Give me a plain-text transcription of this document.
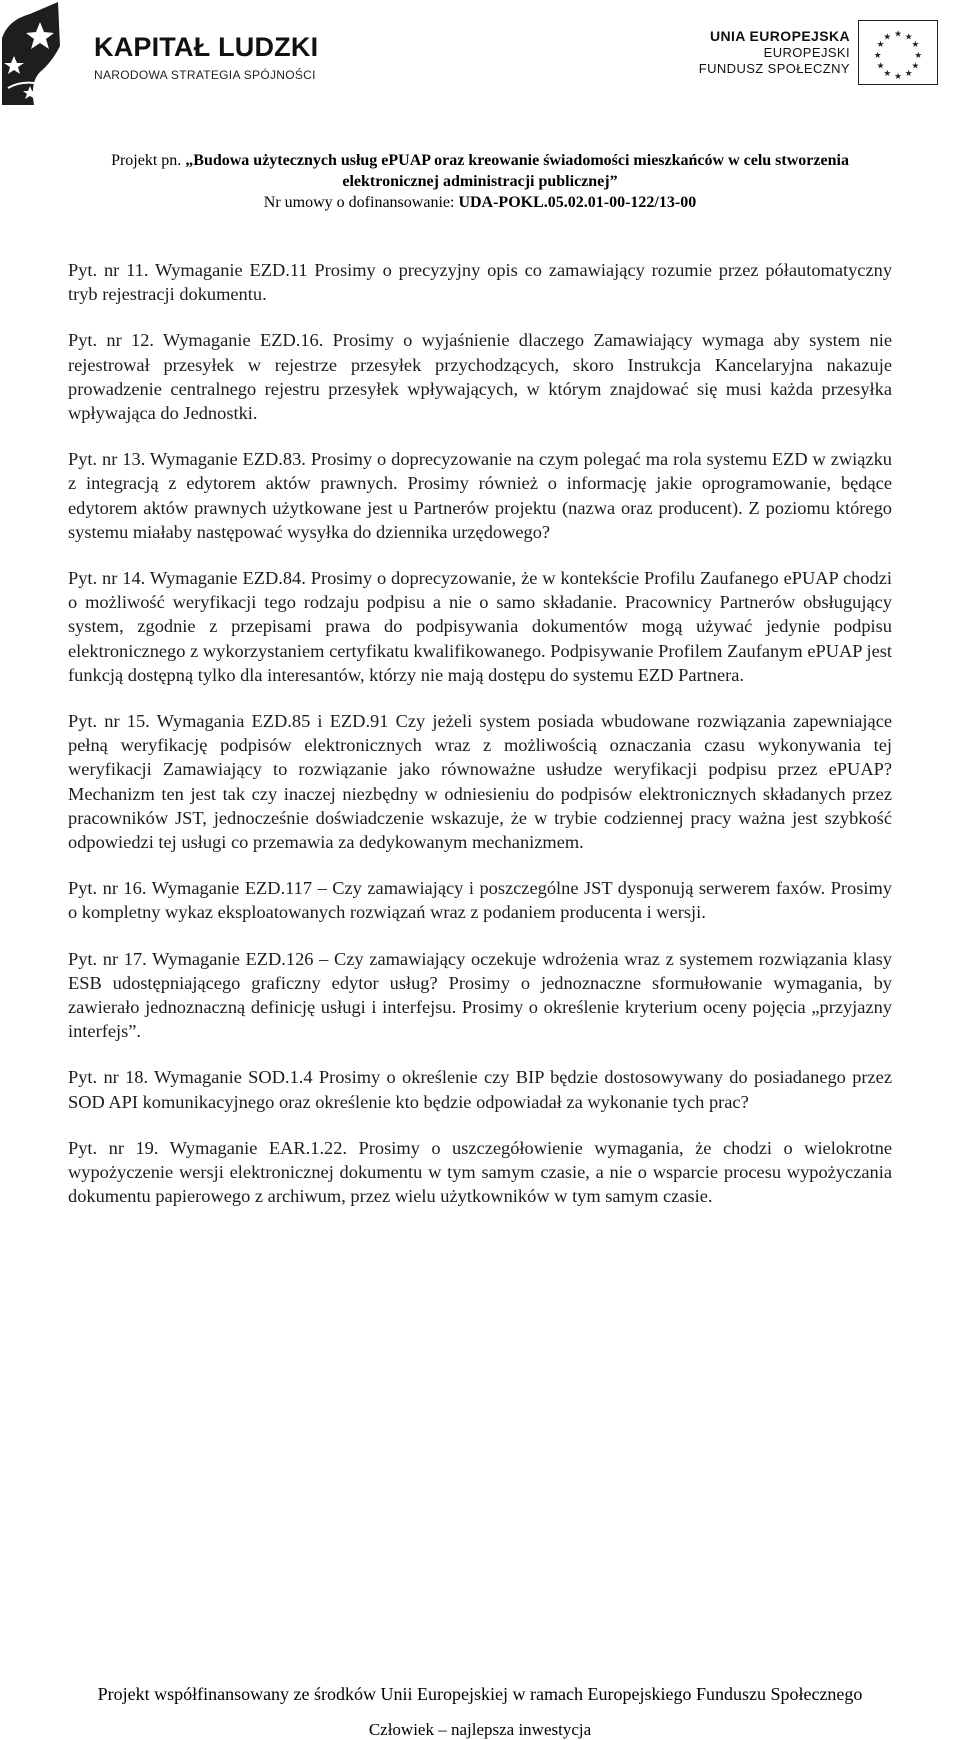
KAPITAŁ LUDZKI
NARODOWA STRATEGIA SPÓJNOŚCI
UNIA EUROPEJSKA
EUROPEJSKI
FUNDUSZ SPOŁECZNY
★ ★
★
★
★
★
★
★
★
★
★
★
Projekt pn. „Budowa użytecznych usług ePUAP oraz kreowanie świadomości mieszkańców w celu stworzenia
elektronicznej administracji publicznej”
Nr umowy o dofinansowanie: UDA-POKL.05.02.01-00-122/13-00

Pyt. nr 11. Wymaganie EZD.11 Prosimy o precyzyjny opis co zamawiający rozumie przez półautomatyczny tryb rejestracji dokumentu.

Pyt. nr 12. Wymaganie EZD.16. Prosimy o wyjaśnienie dlaczego Zamawiający wymaga aby system nie rejestrował przesyłek w rejestrze przesyłek przychodzących, skoro Instrukcja Kancelaryjna nakazuje prowadzenie centralnego rejestru przesyłek wpływających, w którym znajdować się musi każda przesyłka wpływająca do Jednostki.

Pyt. nr 13. Wymaganie EZD.83. Prosimy o doprecyzowanie na czym polegać ma rola systemu EZD w związku z integracją z edytorem aktów prawnych. Prosimy również o informację jakie oprogramowanie, będące edytorem aktów prawnych użytkowane jest u Partnerów projektu (nazwa oraz producent). Z poziomu którego systemu miałaby następować wysyłka do dziennika urzędowego?

Pyt. nr 14. Wymaganie EZD.84. Prosimy o doprecyzowanie, że w kontekście Profilu Zaufanego ePUAP chodzi o możliwość weryfikacji tego rodzaju podpisu a nie o samo składanie. Pracownicy Partnerów obsługujący system, zgodnie z przepisami prawa do podpisywania dokumentów mogą używać jedynie podpisu elektronicznego z wykorzystaniem certyfikatu kwalifikowanego. Podpisywanie Profilem Zaufanym ePUAP jest funkcją dostępną tylko dla interesantów, którzy nie mają dostępu do systemu EZD Partnera.

Pyt. nr 15. Wymagania EZD.85 i EZD.91 Czy jeżeli system posiada wbudowane rozwiązania zapewniające pełną weryfikację podpisów elektronicznych wraz z możliwością oznaczania czasu wykonywania tej weryfikacji Zamawiający to rozwiązanie jako równoważne usłudze weryfikacji podpisu przez ePUAP? Mechanizm ten jest tak czy inaczej niezbędny w odniesieniu do podpisów elektronicznych składanych przez pracowników JST, jednocześnie doświadczenie wskazuje, że w trybie codziennej pracy ważna jest szybkość odpowiedzi tej usługi co przemawia za dedykowanym mechanizmem.

Pyt. nr 16. Wymaganie EZD.117 – Czy zamawiający i poszczególne JST dysponują serwerem faxów. Prosimy o kompletny wykaz eksploatowanych rozwiązań wraz z podaniem producenta i wersji.

Pyt. nr 17. Wymaganie EZD.126 – Czy zamawiający oczekuje wdrożenia wraz z systemem rozwiązania klasy ESB udostępniającego graficzny edytor usług? Prosimy o jednoznaczne sformułowanie wymagania, by zawierało jednoznaczną definicję usługi i interfejsu. Prosimy o określenie kryterium oceny pojęcia „przyjazny interfejs”.

Pyt. nr 18. Wymaganie SOD.1.4 Prosimy o określenie czy BIP będzie dostosowywany do posiadanego przez SOD API komunikacyjnego oraz określenie kto będzie odpowiadał za wykonanie tych prac?

Pyt. nr 19. Wymaganie EAR.1.22. Prosimy o uszczegółowienie wymagania, że chodzi o wielokrotne wypożyczenie wersji elektronicznej dokumentu w tym samym czasie, a nie o wsparcie procesu wypożyczania dokumentu papierowego z archiwum, przez wielu użytkowników w tym samym czasie.

Projekt współfinansowany ze środków Unii Europejskiej w ramach Europejskiego Funduszu Społecznego
Człowiek – najlepsza inwestycja
